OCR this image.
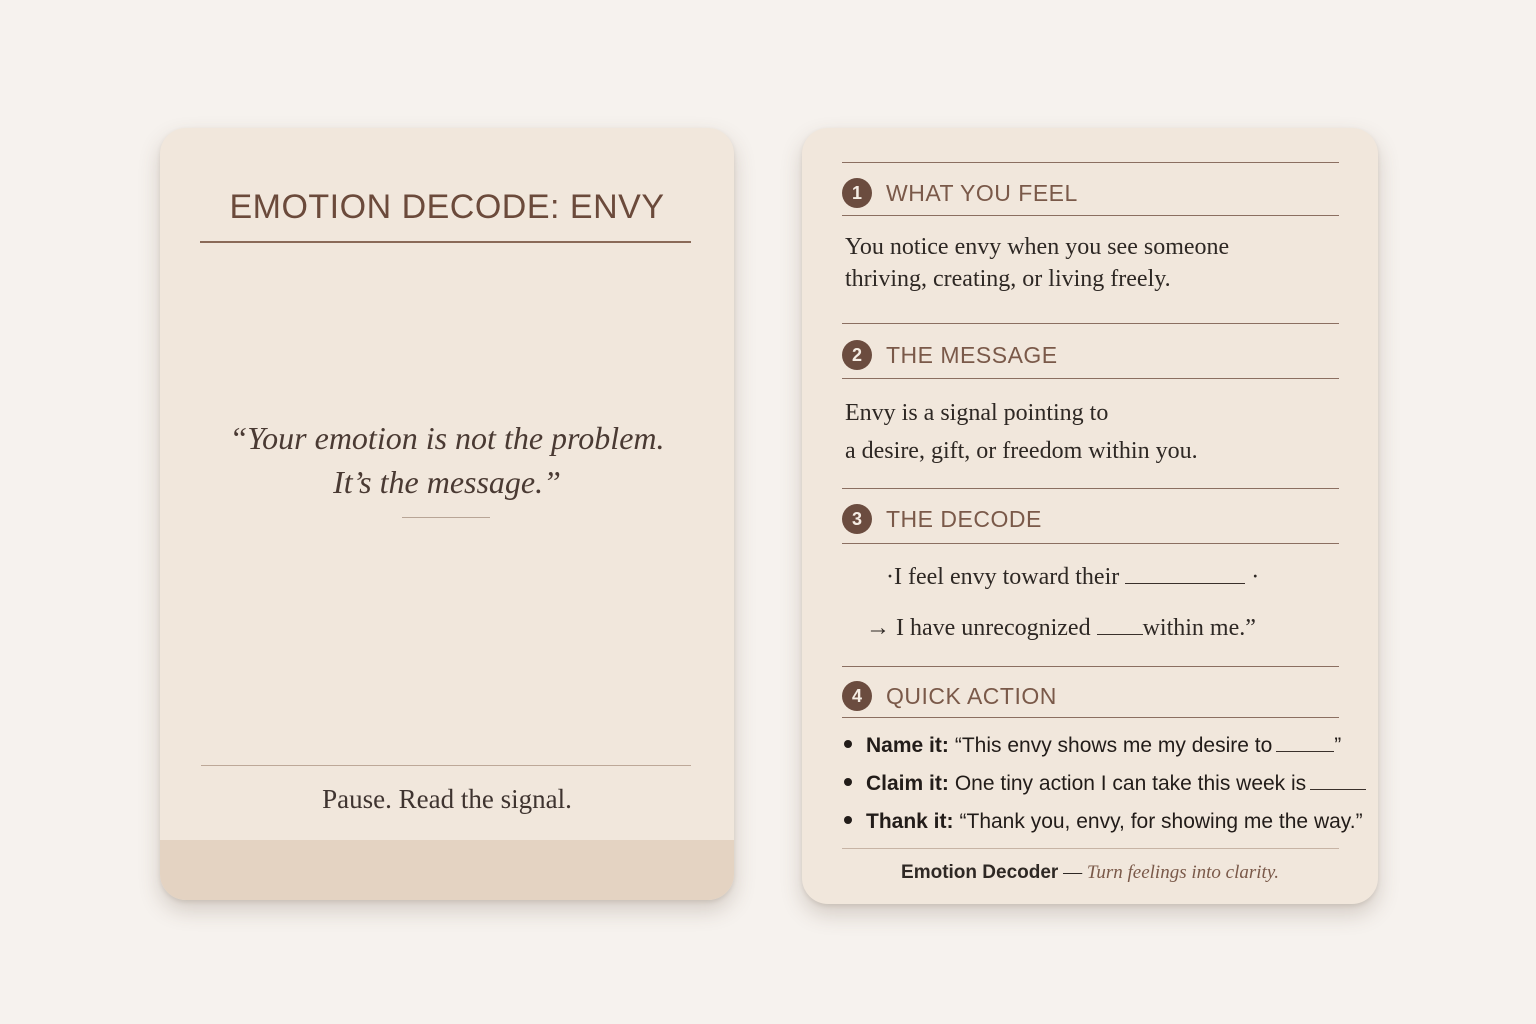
EMOTION DECODE: ENVY
“Your emotion is not the problem.
It’s the message.”
Pause. Read the signal.
1	WHAT YOU FEEL
You notice envy when you see someone
thriving, creating, or living freely.
2	THE MESSAGE
Envy is a signal pointing to
a desire, gift, or freedom within you.
3	THE DECODE
·I feel envy toward their	·
→ I have unrecognized within me.”
4	QUICK ACTION
Name it: “This envy shows me my desire to	”
Claim it: One tiny action I can take this week is
Thank it: “Thank you, envy, for showing me the way.”
Emotion Decoder — Turn feelings into clarity.
